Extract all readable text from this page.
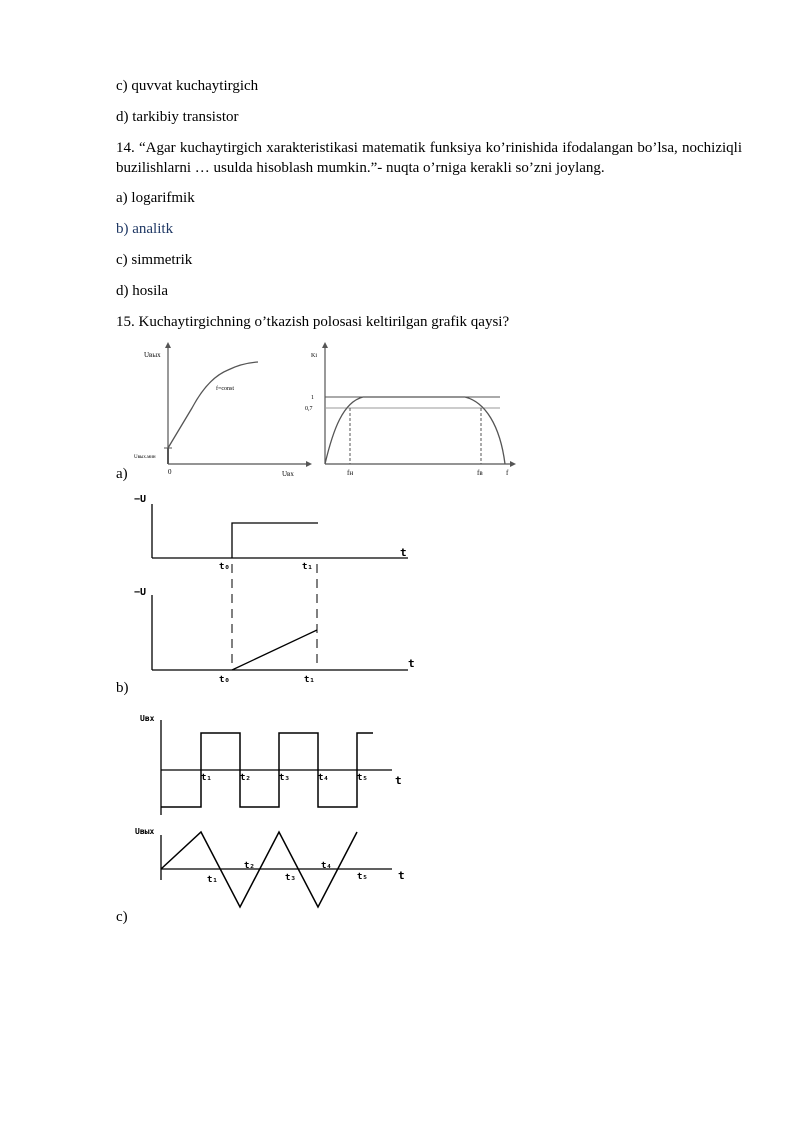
c) quvvat kuchaytirgich
d) tarkibiy transistor
14. “Agar kuchaytirgich xarakteristikasi matematik funksiya ko’rinishida ifodalangan bo’lsa, nochiziqli buzilishlarni … usulda hisoblash mumkin.”- nuqta o’rniga kerakli so’zni joylang.
a) logarifmik
b) analitk
c) simmetrik
d) hosila
15. Kuchaytirgichning o’tkazish polosasi keltirilgan grafik qaysi?
a)
b)
c)
Uвых
f=const
Uвых.мин
0	Uвх
Ki
1
0,7
fн	fв	f
−U
t
t₀	t₁
−U
t
t₀	t₁
Uвх
t
t₁	t₂	t₃	t₄	t₅
Uвых
t
t₁
t₂
t₃
t₄
t₅
